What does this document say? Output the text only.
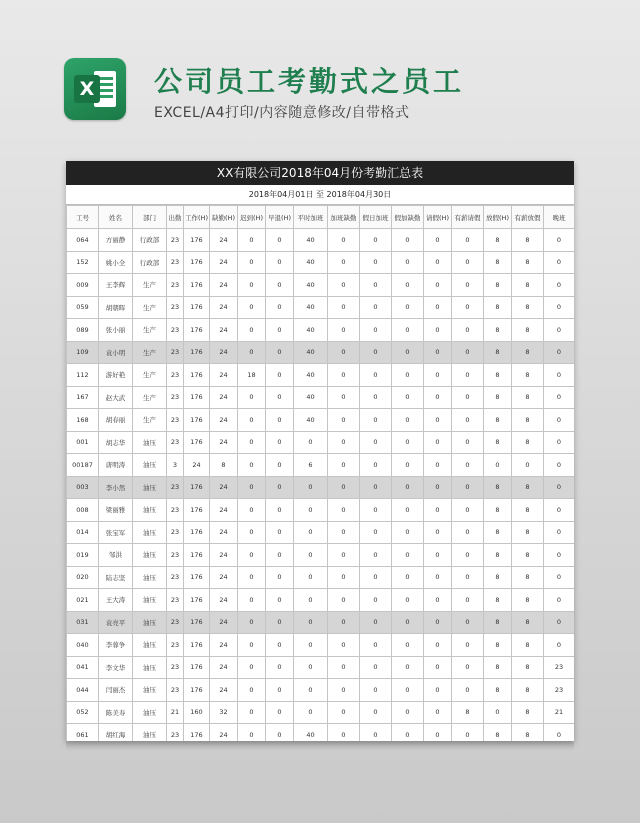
X 公司员工考勤式之员工
EXCEL/A4打印/内容随意修改/自带格式
XX有限公司2018年04月份考勤汇总表
2018年04月01日 至 2018年04月30日
工号	姓名	部门	出勤	工作(H)	缺勤(H)	迟到(H)	早退(H)	平时加班	加班缺勤	假日加班	假加缺勤	请假(H)	有薪请假	放假(H)	有薪放假	晚班
064	方丽静	行政部	23	176	24	0	0	40	0	0	0	0	0	8	8	0
152	姚小全	行政部	23	176	24	0	0	40	0	0	0	0	0	8	8	0
009	王李辉	生产	23	176	24	0	0	40	0	0	0	0	0	8	8	0
059	胡朝晖	生产	23	176	24	0	0	40	0	0	0	0	0	8	8	0
089	张小丽	生产	23	176	24	0	0	40	0	0	0	0	0	8	8	0
109	袁小明	生产	23	176	24	0	0	40	0	0	0	0	0	8	8	0
112	游好艳	生产	23	176	24	18	0	40	0	0	0	0	0	8	8	0
167	赵大武	生产	23	176	24	0	0	40	0	0	0	0	0	8	8	0
168	胡春丽	生产	23	176	24	0	0	40	0	0	0	0	0	8	8	0
001	胡志华	油压	23	176	24	0	0	0	0	0	0	0	0	8	8	0
00187	唐明涛	油压	3	24	8	0	0	6	0	0	0	0	0	0	0	0
003	李小然	油压	23	176	24	0	0	0	0	0	0	0	0	8	8	0
008	梁丽雅	油压	23	176	24	0	0	0	0	0	0	0	0	8	8	0
014	张宝军	油压	23	176	24	0	0	0	0	0	0	0	0	8	8	0
019	邹洪	油压	23	176	24	0	0	0	0	0	0	0	0	8	8	0
020	陆志坚	油压	23	176	24	0	0	0	0	0	0	0	0	8	8	0
021	王大涛	油压	23	176	24	0	0	0	0	0	0	0	0	8	8	0
031	袁亮平	油压	23	176	24	0	0	0	0	0	0	0	0	8	8	0
040	李蓉争	油压	23	176	24	0	0	0	0	0	0	0	0	8	8	0
041	李文华	油压	23	176	24	0	0	0	0	0	0	0	0	8	8	23
044	闫丽杰	油压	23	176	24	0	0	0	0	0	0	0	0	8	8	23
052	陈美寿	油压	21	160	32	0	0	0	0	0	0	0	8	0	8	21
061	胡红海	油压	23	176	24	0	0	40	0	0	0	0	0	8	8	0
